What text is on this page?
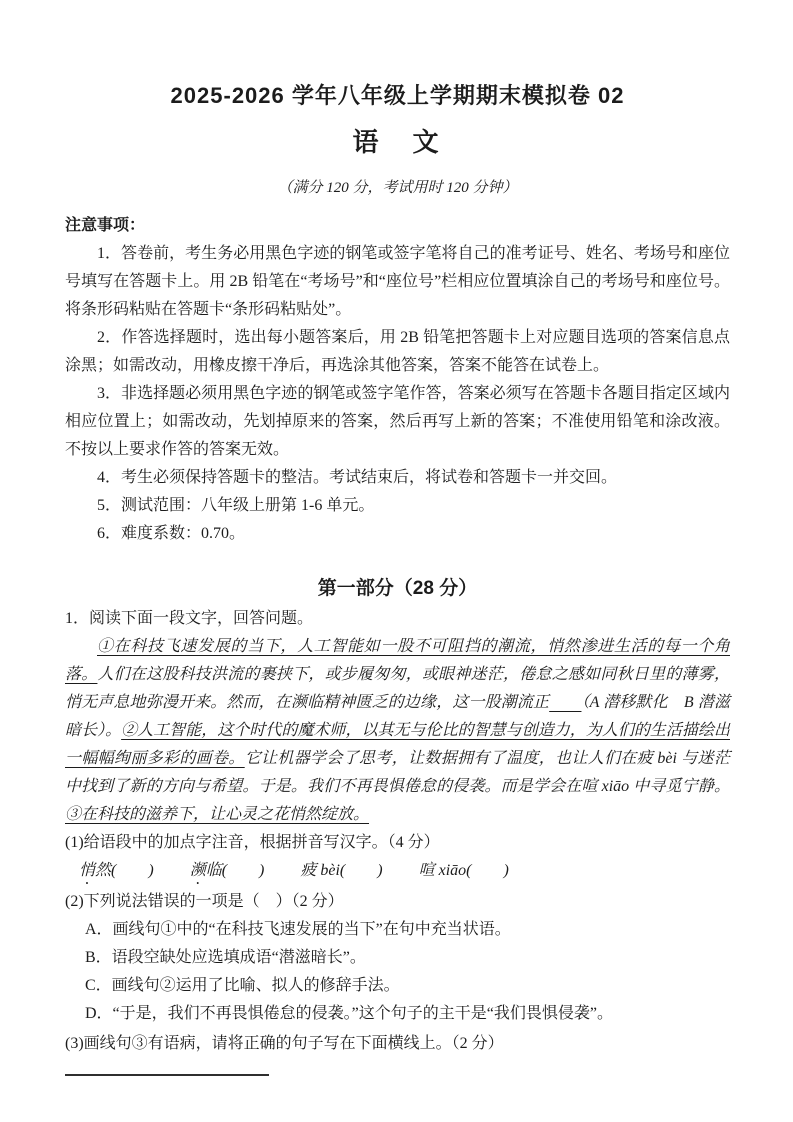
2025-2026 学年八年级上学期期末模拟卷 02
语　文
（满分 120 分，考试用时 120 分钟）
注意事项：

1．答卷前，考生务必用黑色字迹的钢笔或签字笔将自己的准考证号、姓名、考场号和座位号填写在答题卡上。用 2B 铅笔在“考场号”和“座位号”栏相应位置填涂自己的考场号和座位号。将条形码粘贴在答题卡“条形码粘贴处”。

2．作答选择题时，选出每小题答案后，用 2B 铅笔把答题卡上对应题目选项的答案信息点涂黑；如需改动，用橡皮擦干净后，再选涂其他答案，答案不能答在试卷上。

3．非选择题必须用黑色字迹的钢笔或签字笔作答，答案必须写在答题卡各题目指定区域内相应位置上；如需改动，先划掉原来的答案，然后再写上新的答案；不准使用铅笔和涂改液。不按以上要求作答的答案无效。

4．考生必须保持答题卡的整洁。考试结束后，将试卷和答题卡一并交回。

5．测试范围：八年级上册第 1-6 单元。

6．难度系数：0.70。

第一部分（28 分）

1．阅读下面一段文字，回答问题。

①在科技飞速发展的当下，人工智能如一股不可阻挡的潮流，悄然渗进生活的每一个角落。人们在这股科技洪流的裹挟下，或步履匆匆，或眼神迷茫，倦怠之感如同秋日里的薄雾，悄无声息地弥漫开来。然而，在濒临精神匮乏的边缘，这一股潮流正　　 （A 潜移默化　B 潜滋暗长）。②人工智能，这个时代的魔术师，以其无与伦比的智慧与创造力，为人们的生活描绘出一幅幅绚丽多彩的画卷。它让机器学会了思考，让数据拥有了温度，也让人们在疲 bèi 与迷茫中找到了新的方向与希望。于是。我们不再畏惧倦怠的侵袭。而是学会在喧 xiāo 中寻觅宁静。③在科技的滋养下，让心灵之花悄然绽放。

(1)给语段中的加点字注音，根据拼音写汉字。（4 分）

悄然(　　) 濒临(　　) 疲 bèi(　　) 喧 xiāo(　　)

(2)下列说法错误的一项是（　）（2 分）

A．画线句①中的“在科技飞速发展的当下”在句中充当状语。

B．语段空缺处应选填成语“潜滋暗长”。

C．画线句②运用了比喻、拟人的修辞手法。

D．“于是，我们不再畏惧倦怠的侵袭。”这个句子的主干是“我们畏惧侵袭”。

(3)画线句③有语病，请将正确的句子写在下面横线上。（2 分）
